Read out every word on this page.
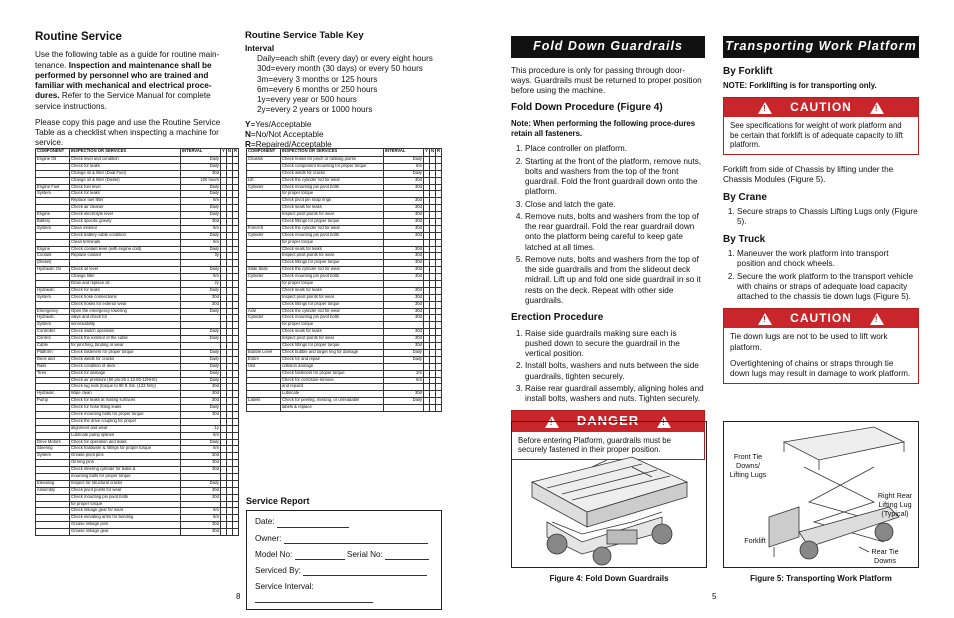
Routine Service

Use the following table as a guide for routine main-tenance. Inspection and maintenance shall be performed by personnel who are trained and familiar with mechanical and electrical proce-dures. Refer to the Service Manual for complete service instructions.

Please copy this page and use the Routine Service Table as a checklist when inspecting a machine for service.

Routine Service Table Key
Interval
Daily=each shift (every day) or every eight hours
30d=every month (30 days) or every 50 hours
3m=every 3 months or 125 hours
6m=every 6 months or 250 hours
1y=every year or 500 hours
2y=every 2 years or 1000 hours
Y=Yes/Acceptable
N=No/Not Acceptable
R=Repaired/Acceptable
COMPONENT	INSPECTION OR SERVICES	INTERVAL	Y	N	R
Engine Oil	Check level and condition	Daily			
	Check for leaks	Daily			
	Change oil & filter (Dual Fuel)	30d			
	Change oil & filter (Diesel)	100 hours			
Engine Fuel	Check fuel level	Daily			
System	Check for leaks	Daily			
	Replace fuel filter	6m			
	Check air cleaner	Daily			
Engine	Check electrolyte level	Daily			
Battery	Check specific gravity	30d			
System	Clean exterior	6m			
	Check battery cable condition	Daily			
	Clean terminals	6m			
Engine	Check coolant level (with engine cold)	Daily			
Coolant	Replace coolant	3y			
(Diesel)					
Hydraulic Oil	Check oil level	Daily			
	Change filter	6m			
	Drain and replace oil	2y			
Hydraulic	Check for leaks	Daily			
System	Check hose connections	30d			
	Check hoses for exterior wear	30d			
Emergency	Open the emergency lowering	Daily			
Hydraulic	valve and check for				
System	serviceability				
Controller	Check switch operation	Daily			
Control	Check the exterior of the cable	Daily			
Cable	for pinching, binding or wear				
Platform	Check fasteners for proper torque	Daily			
Deck and	Check welds for cracks	Daily			
Rails	Check condition of deck	Daily			
Tires	Check for damage	Daily			
	Check air pressure (50 psi-26 x 12.00-12NHS)	Daily			
	Check lug nuts (torque to 90 ft. lbs. (123 Nm))	30d			
Hydraulic	Wipe clean	30d			
Pump	Check for leaks at mating surfaces	30d			
	Check for hose fitting leaks	Daily			
	Check mounting bolts for proper torque	30d			
	Check the drive coupling for proper				
	alignment and wear	1y			
	Lubricate pump splines	6m			
Drive Motors	Check for operation and leaks	Daily			
Steering	Check hardware & fittings for proper torque	6m			
System	Grease pivot pins	30d			
	Oil king pins	30d			
	Check steering cylinder for leaks &	30d			
	mounting bolts for proper torque				
Elevating	Inspect for structural cracks	Daily			
Assembly	Check pivot points for wear	30d			
	Check mounting pin pivot bolts	30d			
	for proper torque				
	Check linkage gear for wear	6m			
	Check elevating arms for bending	6m			
	Grease linkage pins	30d			
	Grease linkage gear	30d			
COMPONENT	INSPECTION OR SERVICES	INTERVAL	Y	N	R
Chassis	Check hoses for pinch or rubbing points	Daily			
	Check component mounting for proper torque	6m			
	Check welds for cracks	Daily			
Lift	Check the cylinder rod for wear	30d			
Cylinder	Check mounting pin pivot bolts	30d			
	for proper torque				
	Check pivot pin snap rings	30d			
	Check seals for leaks	30d			
	Inspect pivot points for wear	30d			
	Check fittings for proper torque	30d			
Fore/Aft	Check the cylinder rod for wear	30d			
Cylinder	Check mounting pin pivot bolts	30d			
	for proper torque				
	Check seals for leaks	30d			
	Inspect pivot points for wear	30d			
	Check fittings for proper torque	30d			
Slide Slide	Check the cylinder rod for wear	30d			
Cylinder	Check mounting pin pivot bolts	30d			
	for proper torque				
	Check seals for leaks	30d			
	Inspect pivot points for wear	30d			
	Check fittings for proper torque	30d			
Axle	Check the cylinder rod for wear	30d			
Cylinder	Check mounting pin pivot bolts	30d			
	for proper torque				
	Check seals for leaks	30d			
	Inspect pivot points for wear	30d			
	Check fittings for proper torque	30d			
Bubble Level	Check bubble and target ring for damage	Daily			
Entire	Check for and repair	Daily			
Unit	collision damage				
	Check fasteners for proper torque	3m			
	Check for corrosion-remove	6m			
	and repaint				
	Lubricate	30d			
Labels	Check for peeling, missing, or unreadable	Daily			
	labels & replace				
Service Report
Date:
Owner:
Model No:	Serial No:
Serviced By:
Service Interval:
8
Fold Down Guardrails

This procedure is only for passing through door-ways. Guardrails must be returned to proper position before using the machine.

Fold Down Procedure (Figure 4)
Note: When performing the following proce-dures retain all fasteners.
1. Place controller on platform.
2. Starting at the front of the platform, remove nuts, bolts and washers from the top of the front guardrail. Fold the front guardrail down onto the platform.
3. Close and latch the gate.
4. Remove nuts, bolts and washers from the top of the rear guardrail. Fold the rear guardrail down onto the platform being careful to keep gate latched at all times.
5. Remove nuts, bolts and washers from the top of the side guardrails and from the slideout deck midrail. Lift up and fold one side guardrail in so it rests on the deck. Repeat with other side guardrails.
Erection Procedure
1. Raise side guardrails making sure each is pushed down to secure the guardrail in the vertical position.
2. Install bolts, washers and nuts between the side guardrails, tighten securely.
3. Raise rear guardrail assembly, aligning holes and install bolts, washers and nuts. Tighten securely.
! DANGER	!
Before entering Platform, guardrails must be securely fastened in their proper position.
Figure 4: Fold Down Guardrails
Transporting Work Platform
By Forklift
NOTE: Forklifting is for transporting only.
! CAUTION	!
See specifications for weight of work platform and be certain that forklift is of adequate capacity to lift platform.

Forklift from side of Chassis by lifting under the Chassis Modules (Figure 5).

By Crane
1. Secure straps to Chassis Lifting Lugs only (Figure 5).
By Truck
1. Maneuver the work platform into transport position and chock wheels.
2. Secure the work platform to the transport vehicle with chains or straps of adequate load capacity attached to the chassis tie down lugs (Figure 5).
! CAUTION	!

Tie down lugs are not to be used to lift work platform.

Overtightening of chains or straps through tie down lugs may result in damage to work platform.

Front Tie Downs/ Lifting Lugs
Forklift
Right Rear Lifting Lug (Typical)
Rear Tie Downs
Figure 5: Transporting Work Platform
5
